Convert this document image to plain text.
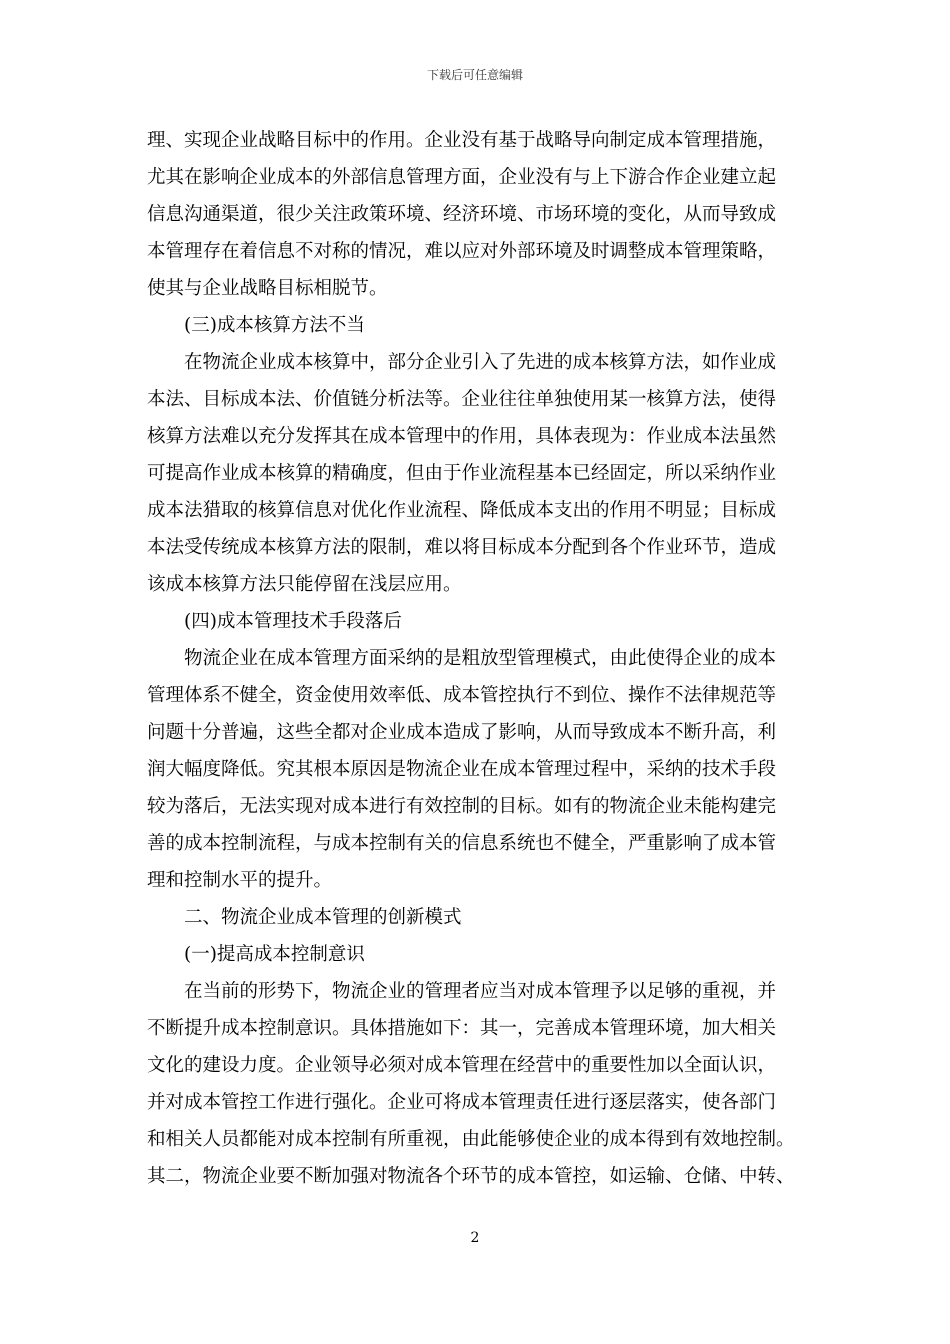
下载后可任意编辑
理、实现企业战略目标中的作用。企业没有基于战略导向制定成本管理措施，
尤其在影响企业成本的外部信息管理方面，企业没有与上下游合作企业建立起
信息沟通渠道，很少关注政策环境、经济环境、市场环境的变化，从而导致成
本管理存在着信息不对称的情况，难以应对外部环境及时调整成本管理策略，
使其与企业战略目标相脱节。
(三)成本核算方法不当
在物流企业成本核算中，部分企业引入了先进的成本核算方法，如作业成
本法、目标成本法、价值链分析法等。企业往往单独使用某一核算方法，使得
核算方法难以充分发挥其在成本管理中的作用，具体表现为：作业成本法虽然
可提高作业成本核算的精确度，但由于作业流程基本已经固定，所以采纳作业
成本法猎取的核算信息对优化作业流程、降低成本支出的作用不明显；目标成
本法受传统成本核算方法的限制，难以将目标成本分配到各个作业环节，造成
该成本核算方法只能停留在浅层应用。
(四)成本管理技术手段落后
物流企业在成本管理方面采纳的是粗放型管理模式，由此使得企业的成本
管理体系不健全，资金使用效率低、成本管控执行不到位、操作不法律规范等
问题十分普遍，这些全都对企业成本造成了影响，从而导致成本不断升高，利
润大幅度降低。究其根本原因是物流企业在成本管理过程中，采纳的技术手段
较为落后，无法实现对成本进行有效控制的目标。如有的物流企业未能构建完
善的成本控制流程，与成本控制有关的信息系统也不健全，严重影响了成本管
理和控制水平的提升。
二、物流企业成本管理的创新模式
(一)提高成本控制意识
在当前的形势下，物流企业的管理者应当对成本管理予以足够的重视，并
不断提升成本控制意识。具体措施如下：其一，完善成本管理环境，加大相关
文化的建设力度。企业领导必须对成本管理在经营中的重要性加以全面认识，
并对成本管控工作进行强化。企业可将成本管理责任进行逐层落实，使各部门
和相关人员都能对成本控制有所重视，由此能够使企业的成本得到有效地控制。
其二，物流企业要不断加强对物流各个环节的成本管控，如运输、仓储、中转、
2
